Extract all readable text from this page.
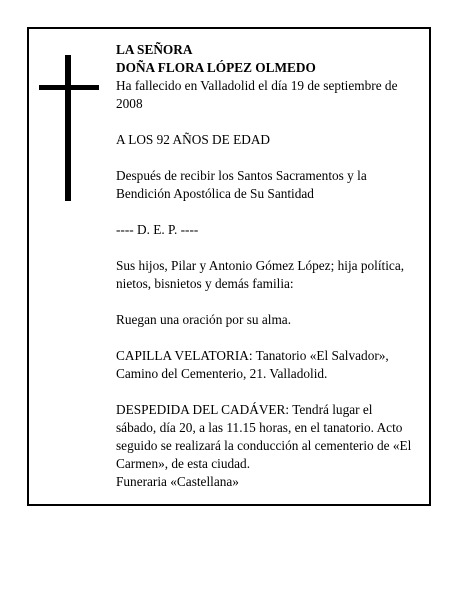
LA SEÑORA

DOÑA FLORA LÓPEZ OLMEDO

Ha fallecido en Valladolid el día 19 de septiembre de 2008

A LOS 92 AÑOS DE EDAD

Después de recibir los Santos Sacramentos y la Bendición Apostólica de Su Santidad

---- D. E. P. ----

Sus hijos, Pilar y Antonio Gómez López; hija política, nietos, bisnietos y demás familia:

Ruegan una oración por su alma.

CAPILLA VELATORIA: Tanatorio «El Salvador», Camino del Cementerio, 21. Valladolid.

DESPEDIDA DEL CADÁVER: Tendrá lugar el sábado, día 20, a las 11.15 horas, en el tanatorio. Acto seguido se realizará la conducción al cementerio de «El Carmen», de esta ciudad.

Funeraria «Castellana»
